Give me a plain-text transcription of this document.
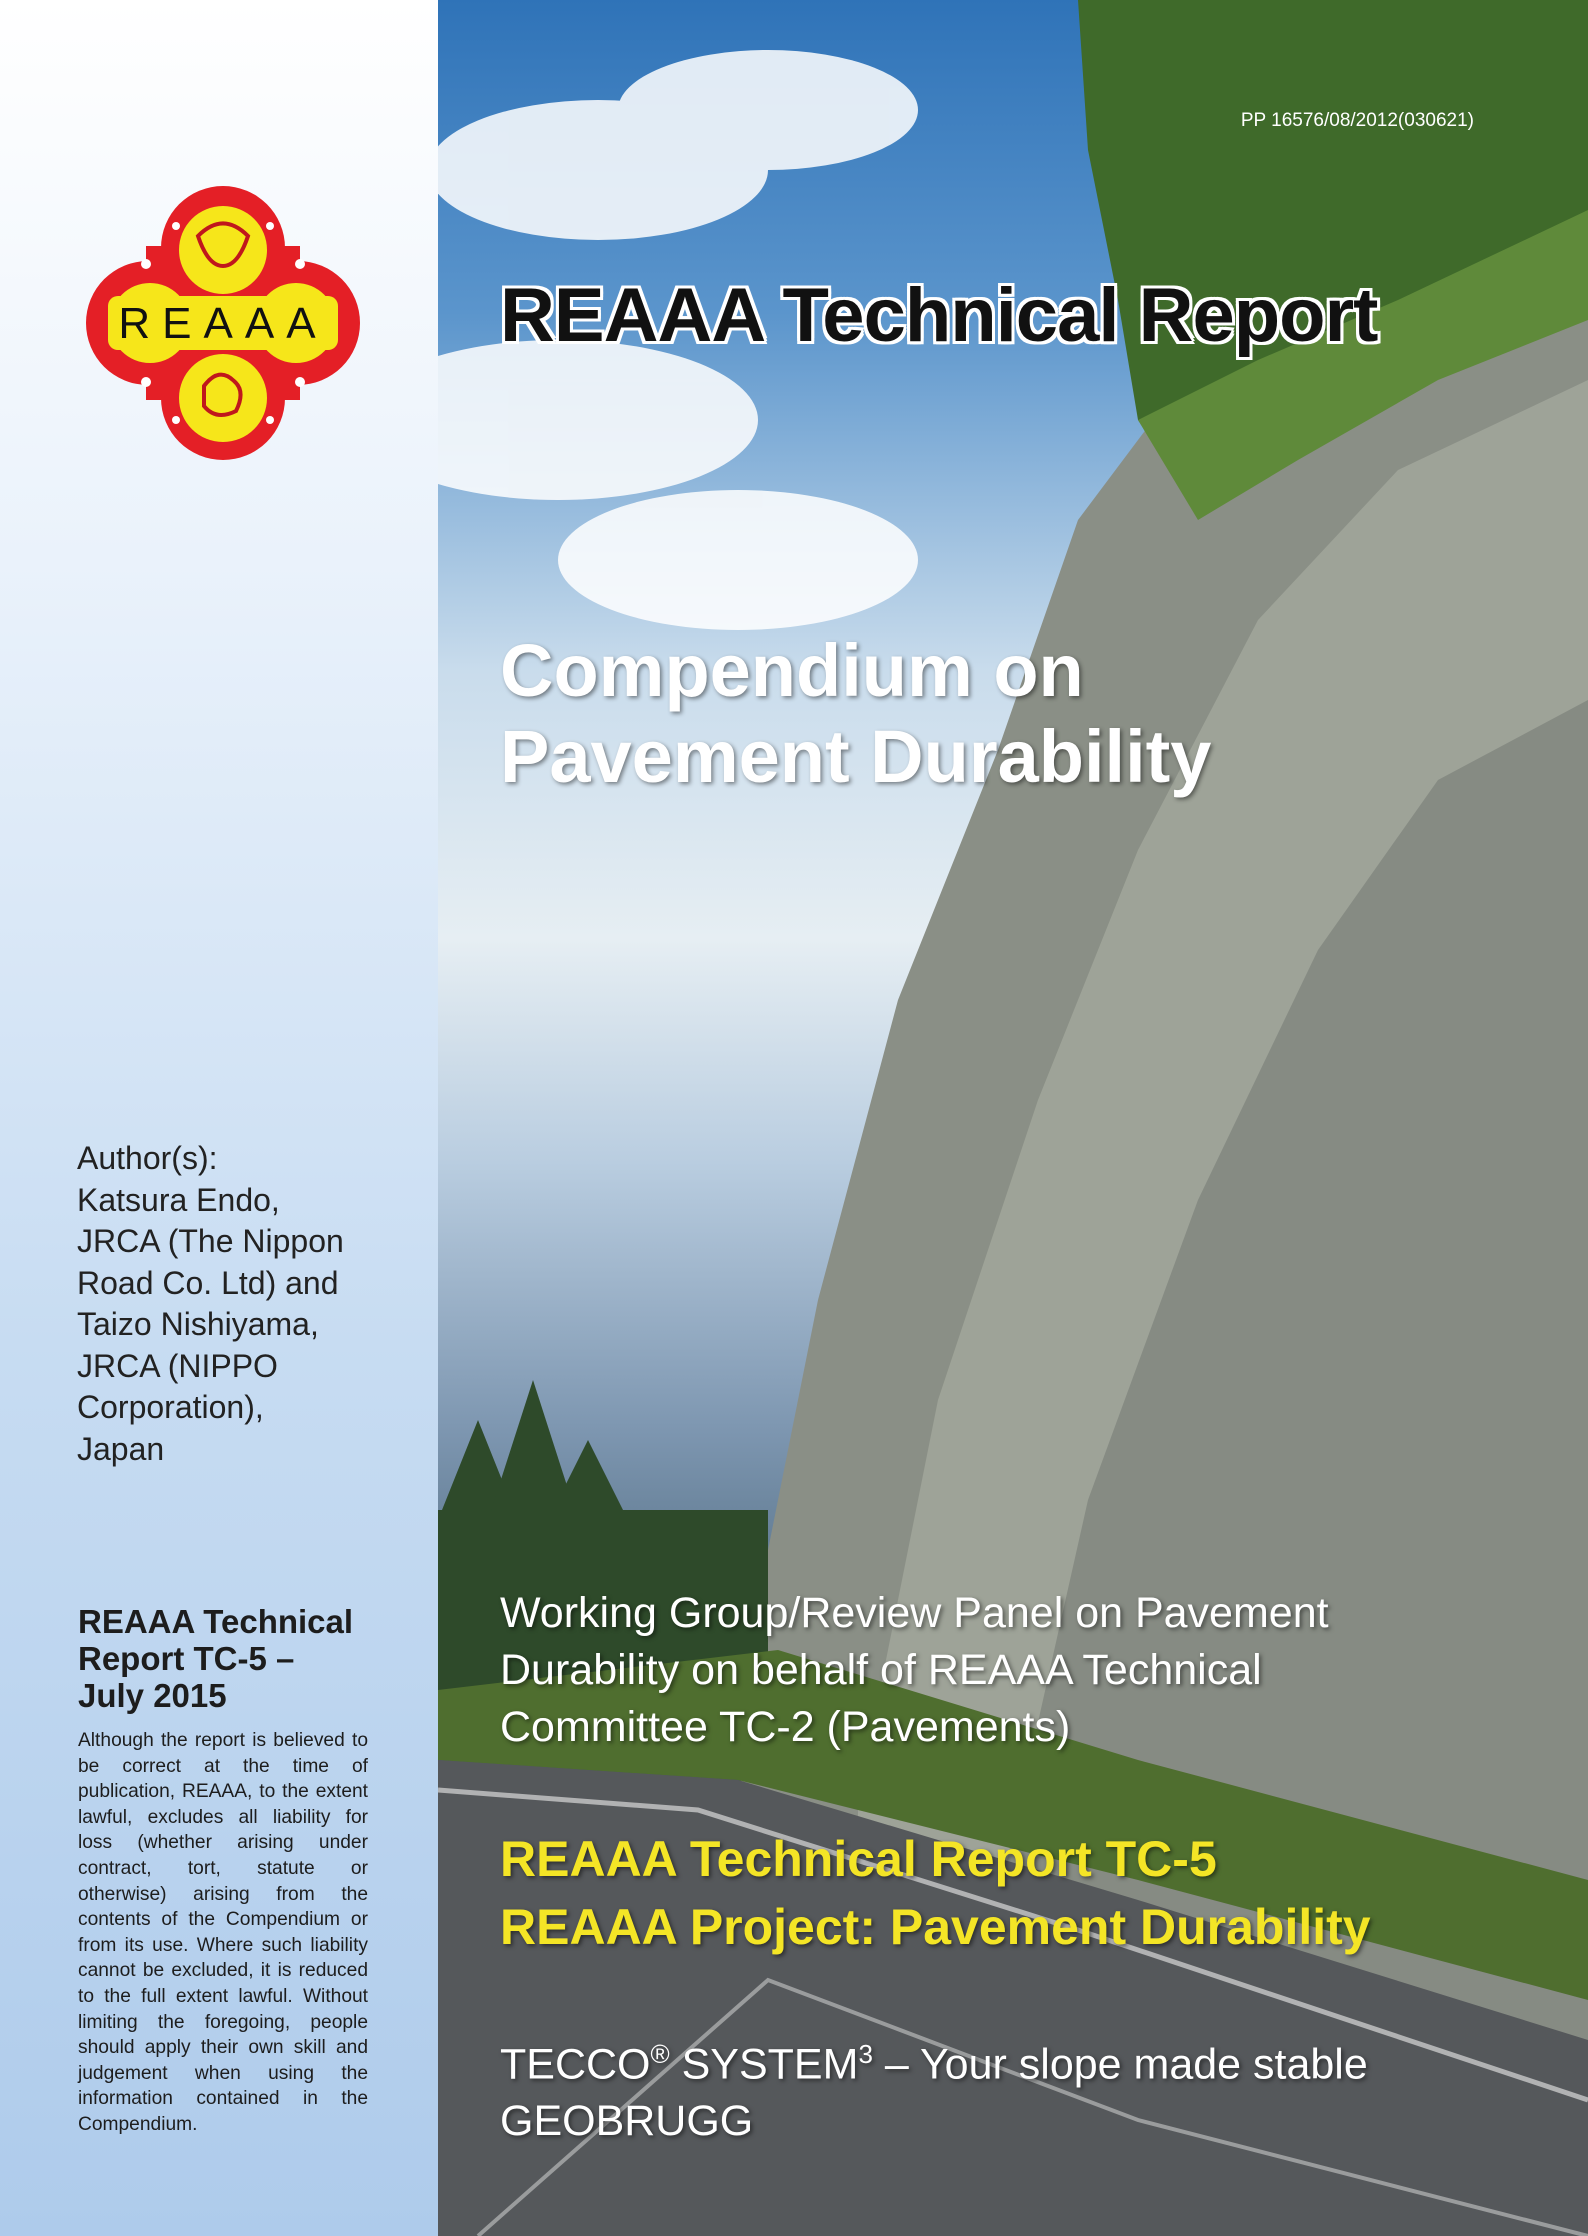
REAAA
Author(s):
Katsura Endo,
JRCA (The Nippon
Road Co. Ltd) and
Taizo Nishiyama,
JRCA (NIPPO
Corporation),
Japan
REAAA Technical
Report TC-5 –
July 2015
Although the report is believed to be correct at the time of publication, REAAA, to the extent lawful, excludes all liability for loss (whether arising under contract, tort, statute or otherwise) arising from the contents of the Compendium or from its use. Where such liability cannot be excluded, it is reduced to the full extent lawful. Without limiting the foregoing, people should apply their own skill and judgement when using the information contained in the Compendium.
PP 16576/08/2012(030621)
REAAA Technical Report
Compendium on
Pavement Durability
Working Group/Review Panel on Pavement
Durability on behalf of REAAA Technical
Committee TC-2 (Pavements)
REAAA Technical Report TC-5
REAAA Project: Pavement Durability
TECCO® SYSTEM$^3$ – Your slope made stable
GEOBRUGG
